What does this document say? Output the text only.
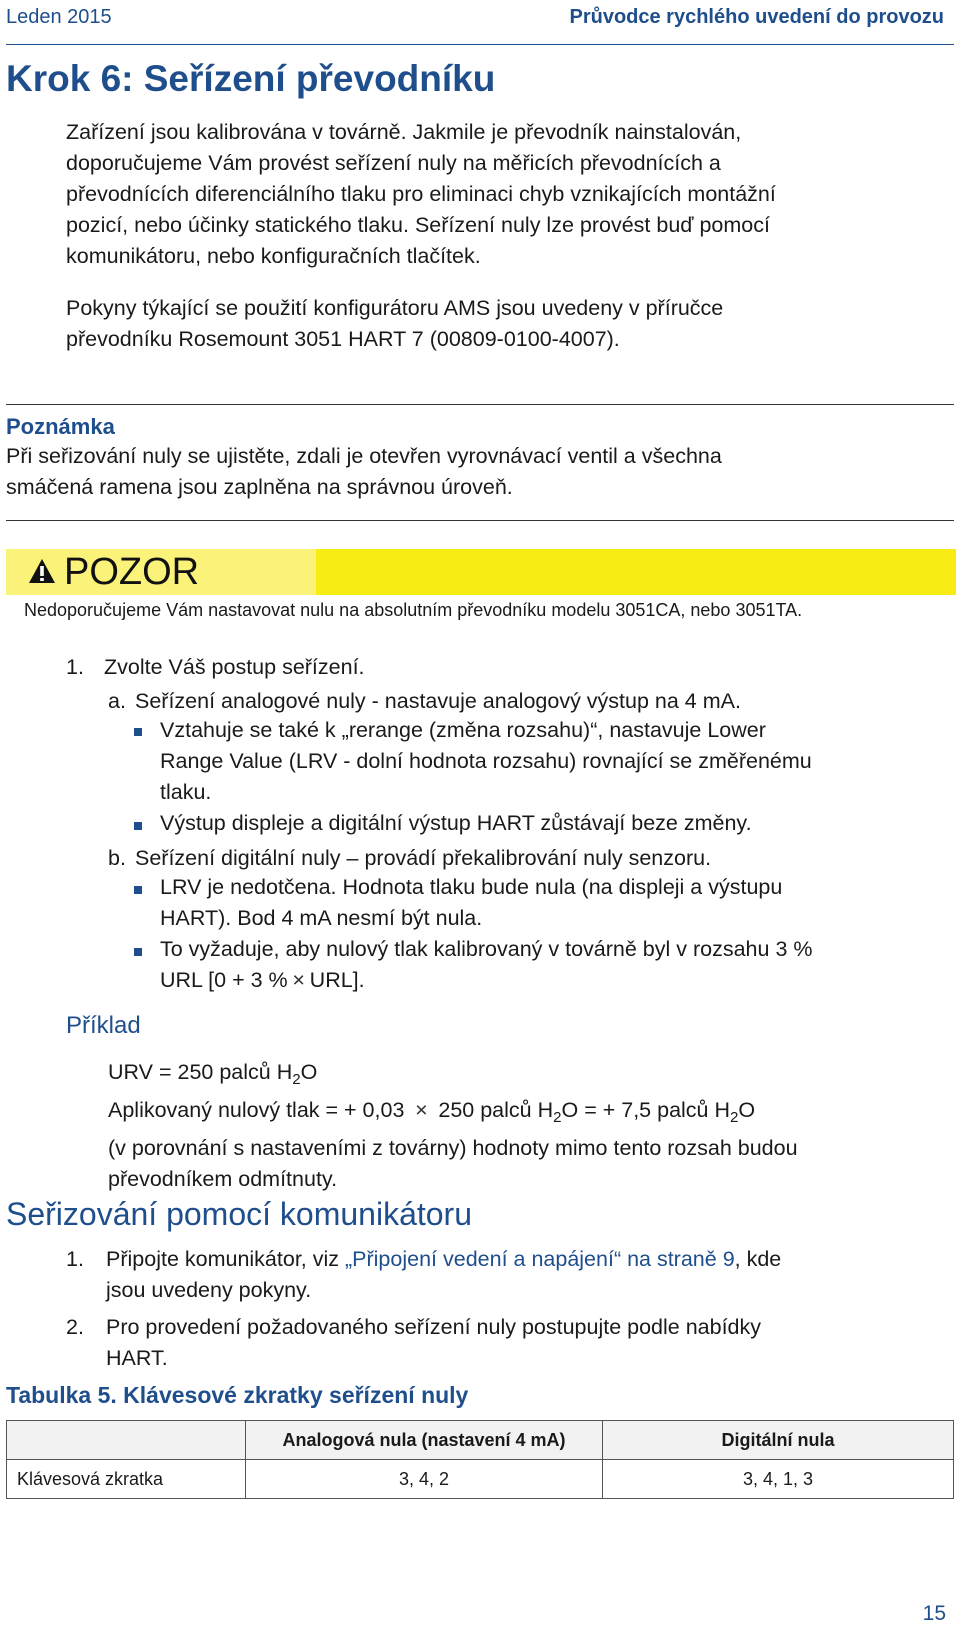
Leden 2015	Průvodce rychlého uvedení do provozu
Krok 6: Seřízení převodníku
Zařízení jsou kalibrována v továrně. Jakmile je převodník nainstalován,
doporučujeme Vám provést seřízení nuly na měřicích převodnících a
převodnících diferenciálního tlaku pro eliminaci chyb vznikajících montážní
pozicí, nebo účinky statického tlaku. Seřízení nuly lze provést buď pomocí
komunikátoru, nebo konfiguračních tlačítek.
Pokyny týkající se použití konfigurátoru AMS jsou uvedeny v příručce
převodníku Rosemount 3051 HART 7 (00809-0100-4007).
Poznámka
Při seřizování nuly se ujistěte, zdali je otevřen vyrovnávací ventil a všechna
smáčená ramena jsou zaplněna na správnou úroveň.
POZOR
Nedoporučujeme Vám nastavovat nulu na absolutním převodníku modelu 3051CA, nebo 3051TA.
1. Zvolte Váš postup seřízení.
a. Seřízení analogové nuly - nastavuje analogový výstup na 4 mA.
Vztahuje se také k „rerange (změna rozsahu)“, nastavuje Lower
Range Value (LRV - dolní hodnota rozsahu) rovnající se změřenému
tlaku.
Výstup displeje a digitální výstup HART zůstávají beze změny.
b. Seřízení digitální nuly – provádí překalibrování nuly senzoru.
LRV je nedotčena. Hodnota tlaku bude nula (na displeji a výstupu
HART). Bod 4 mA nesmí být nula.
To vyžaduje, aby nulový tlak kalibrovaný v továrně byl v rozsahu 3 %
URL [0 + 3 % × URL].
Příklad
URV = 250 palců $H_2O$
Aplikovaný nulový tlak = + 0,03 × 250 palců $H_2O$ = + 7,5 palců $H_2O$
(v porovnání s nastaveními z továrny) hodnoty mimo tento rozsah budou
převodníkem odmítnuty.
Seřizování pomocí komunikátoru
1. Připojte komunikátor, viz „Připojení vedení a napájení“ na straně 9, kde
jsou uvedeny pokyny.
2. Pro provedení požadovaného seřízení nuly postupujte podle nabídky
HART.
Tabulka 5. Klávesové zkratky seřízení nuly
	Analogová nula (nastavení 4 mA)	Digitální nula
Klávesová zkratka	3, 4, 2	3, 4, 1, 3
15
